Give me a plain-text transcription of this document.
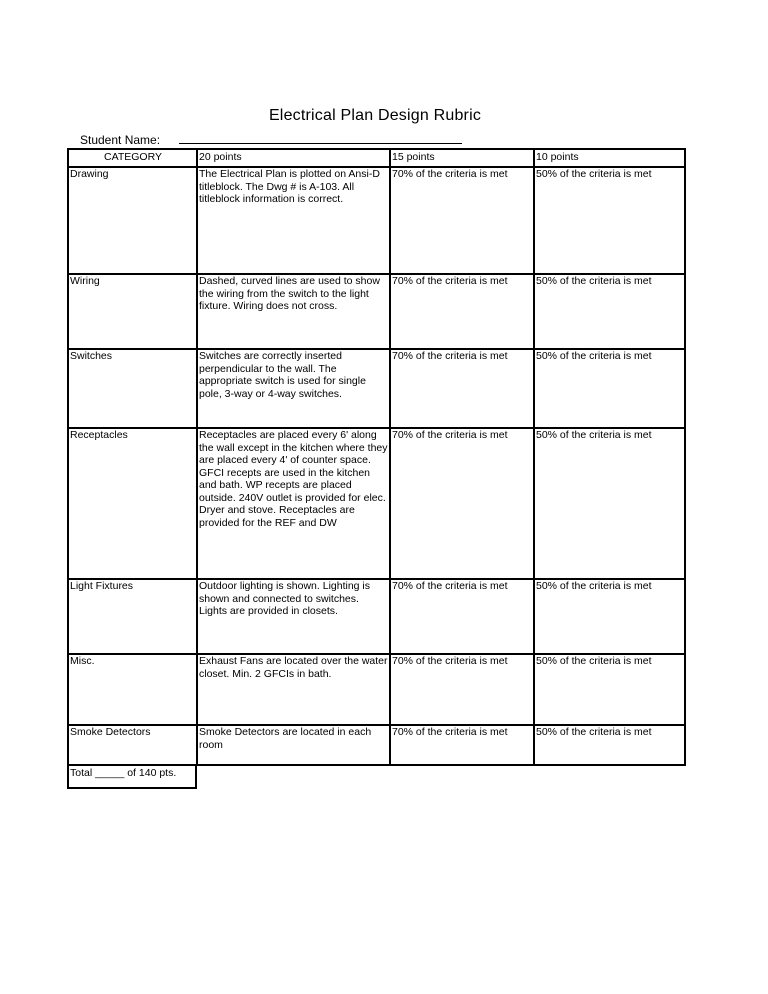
Electrical Plan Design Rubric
Student Name:
CATEGORY	20 points	15 points	10 points
Drawing	The Electrical Plan is plotted on Ansi-D titleblock. The Dwg # is A-103. All titleblock information is correct.	70% of the criteria is met	50% of the criteria is met
Wiring	Dashed, curved lines are used to show the wiring from the switch to the light fixture. Wiring does not cross.	70% of the criteria is met	50% of the criteria is met
Switches	Switches are correctly inserted perpendicular to the wall. The appropriate switch is used for single pole, 3-way or 4-way switches.	70% of the criteria is met	50% of the criteria is met
Receptacles	Receptacles are placed every 6' along the wall except in the kitchen where they are placed every 4' of counter space. GFCI recepts are used in the kitchen and bath. WP recepts are placed outside. 240V outlet is provided for elec. Dryer and stove. Receptacles are provided for the REF and DW	70% of the criteria is met	50% of the criteria is met
Light Fixtures	Outdoor lighting is shown. Lighting is shown and connected to switches. Lights are provided in closets.	70% of the criteria is met	50% of the criteria is met
Misc.	Exhaust Fans are located over the water closet. Min. 2 GFCIs in bath.	70% of the criteria is met	50% of the criteria is met
Smoke Detectors	Smoke Detectors are located in each room	70% of the criteria is met	50% of the criteria is met
Total _____ of 140 pts.
